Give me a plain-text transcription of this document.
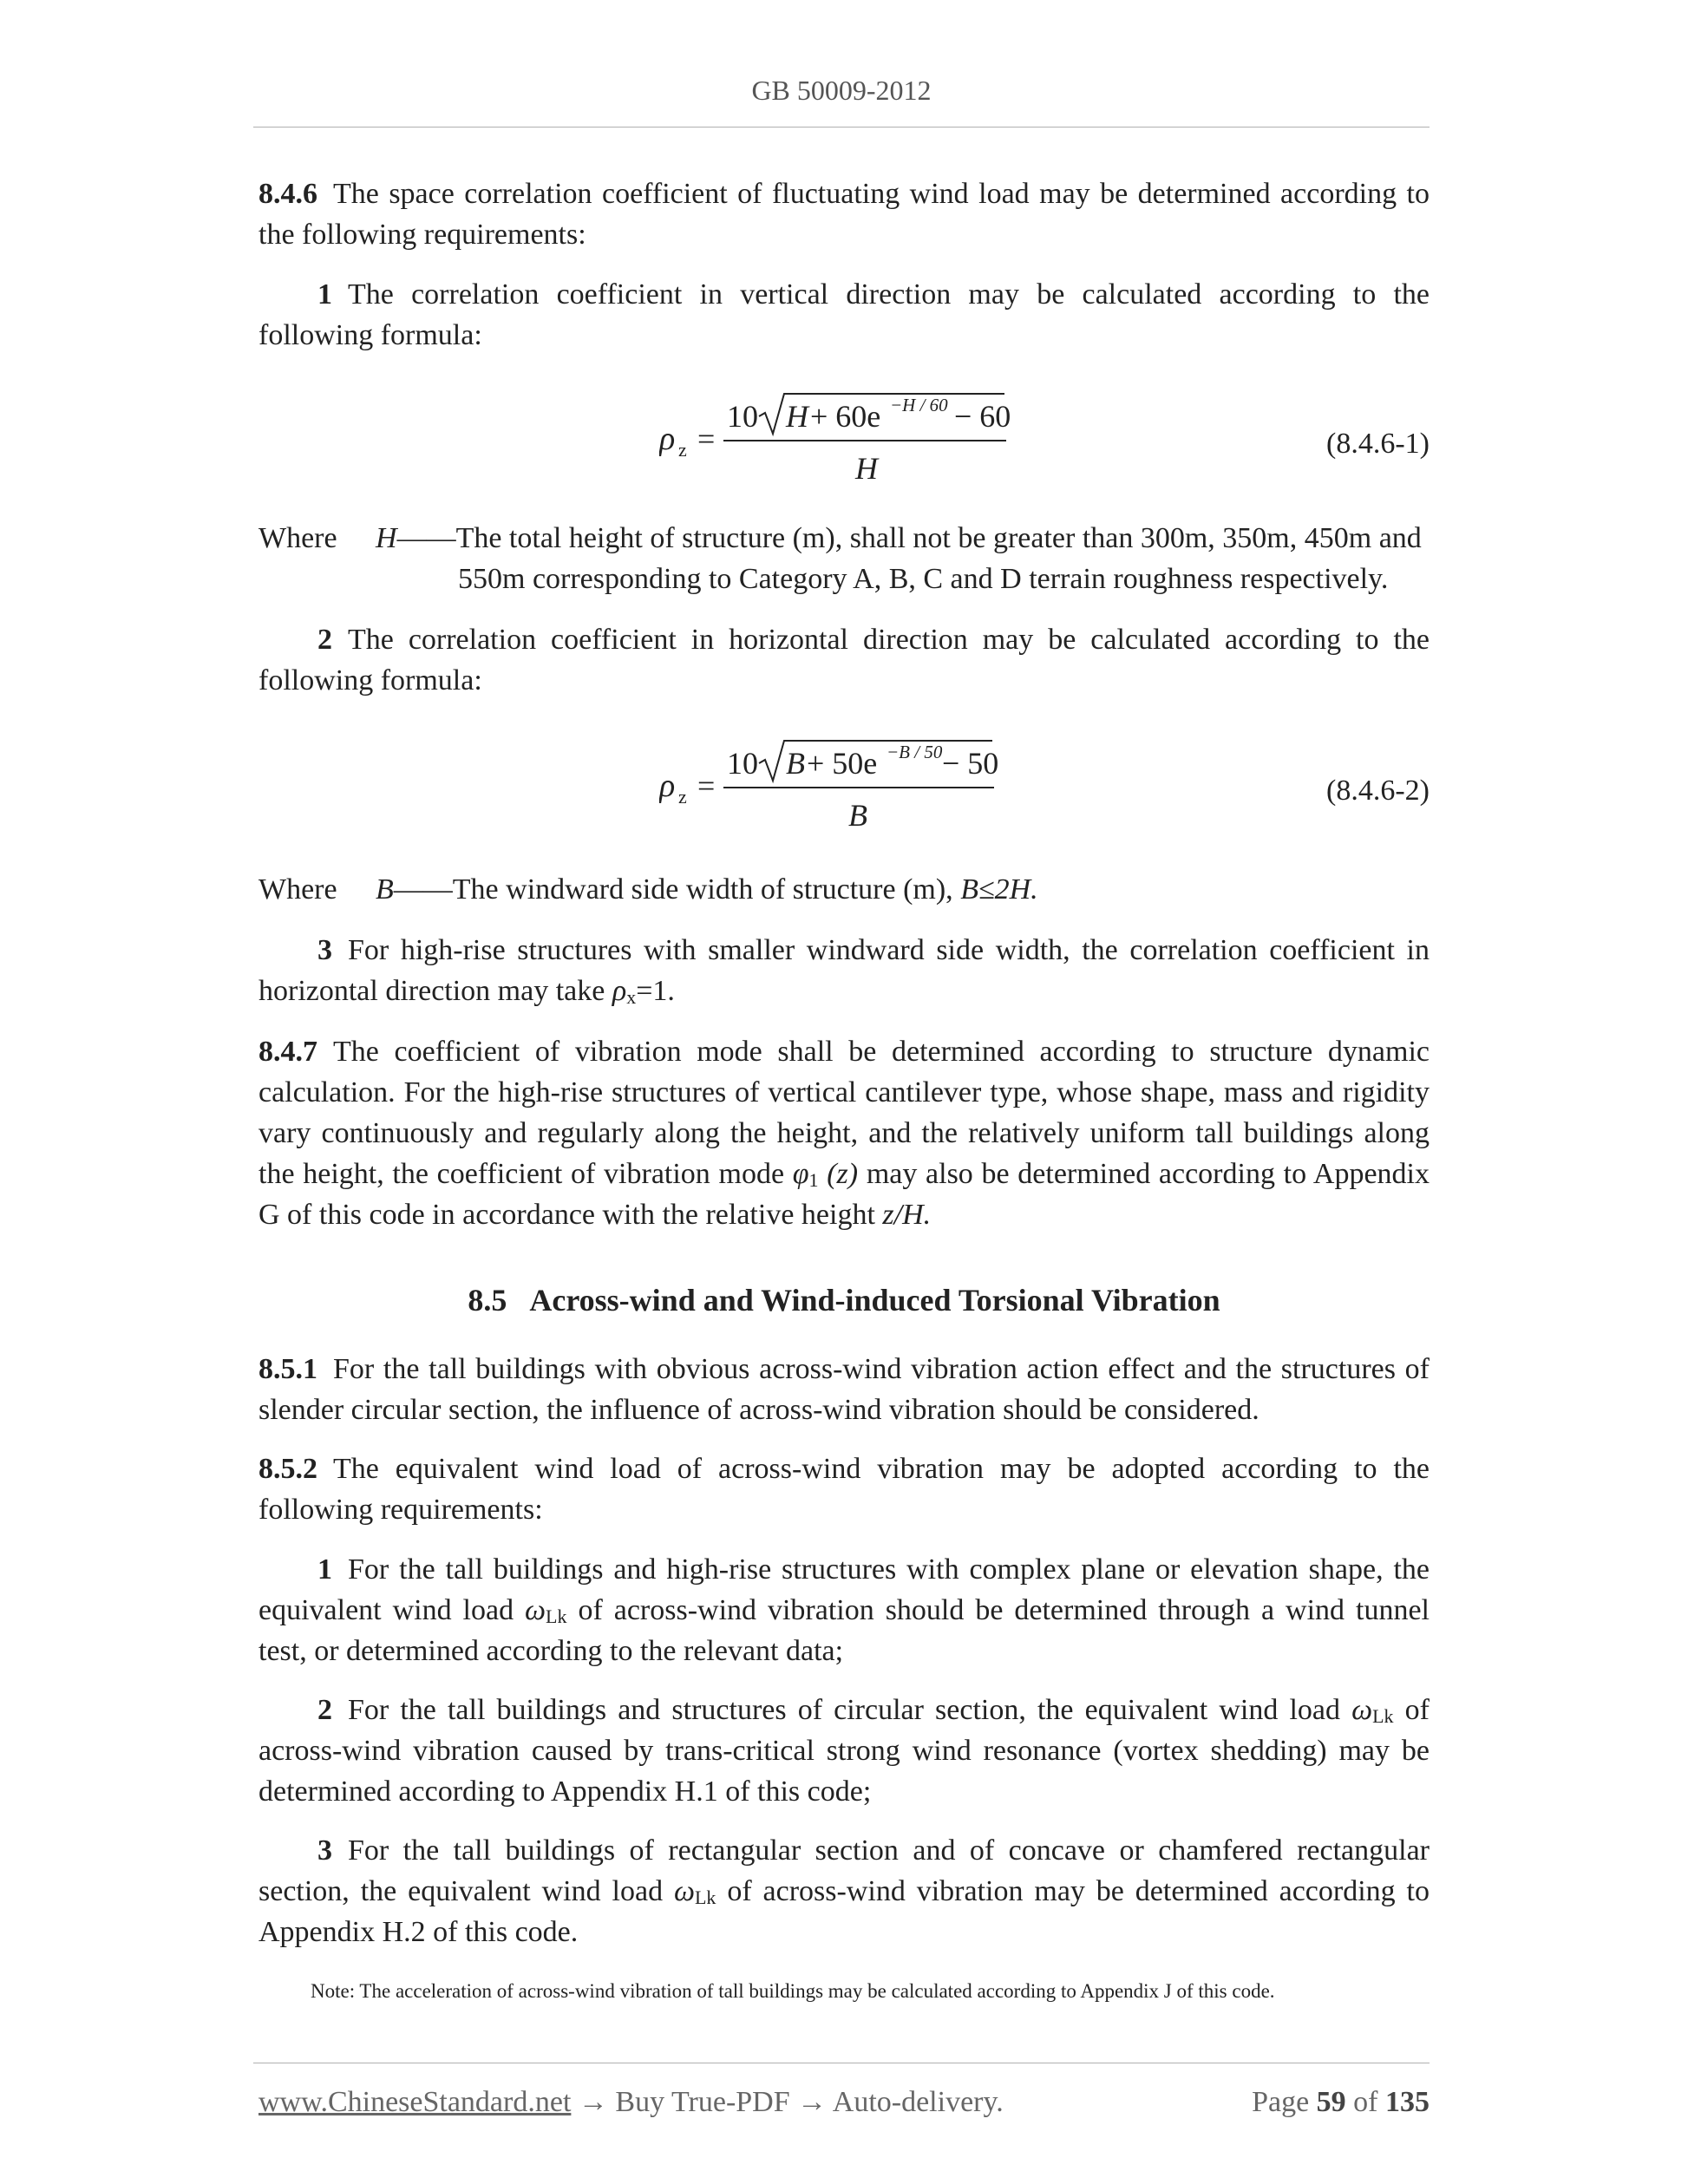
GB 50009-2012
8.4.6 The space correlation coefficient of fluctuating wind load may be determined according to the following requirements:
1 The correlation coefficient in vertical direction may be calculated according to the following formula:
ρ z =
10 H + 60e −H / 60 − 60
H
(8.4.6-1)
Where H——The total height of structure (m), shall not be greater than 300m, 350m, 450m and
550m corresponding to Category A, B, C and D terrain roughness respectively.
2 The correlation coefficient in horizontal direction may be calculated according to the following formula:
ρ z =
10 B + 50e −B / 50 − 50
B
(8.4.6-2)
Where B——The windward side width of structure (m), B≤2H.
3 For high-rise structures with smaller windward side width, the correlation coefficient in horizontal direction may take $\rho_x=1$.
8.4.7 The coefficient of vibration mode shall be determined according to structure dynamic calculation. For the high-rise structures of vertical cantilever type, whose shape, mass and rigidity vary continuously and regularly along the height, and the relatively uniform tall buildings along the height, the coefficient of vibration mode $\varphi_1$ (z) may also be determined according to Appendix G of this code in accordance with the relative height z/H.
8.5 Across-wind and Wind-induced Torsional Vibration
8.5.1 For the tall buildings with obvious across-wind vibration action effect and the structures of slender circular section, the influence of across-wind vibration should be considered.
8.5.2 The equivalent wind load of across-wind vibration may be adopted according to the following requirements:
1 For the tall buildings and high-rise structures with complex plane or elevation shape, the equivalent wind load $\omega_{Lk}$ of across-wind vibration should be determined through a wind tunnel test, or determined according to the relevant data;
2 For the tall buildings and structures of circular section, the equivalent wind load $\omega_{Lk}$ of across-wind vibration caused by trans-critical strong wind resonance (vortex shedding) may be determined according to Appendix H.1 of this code;
3 For the tall buildings of rectangular section and of concave or chamfered rectangular section, the equivalent wind load $\omega_{Lk}$ of across-wind vibration may be determined according to Appendix H.2 of this code.
Note: The acceleration of across-wind vibration of tall buildings may be calculated according to Appendix J of this code.
www.ChineseStandard.net → Buy True-PDF → Auto-delivery.	Page 59 of 135
